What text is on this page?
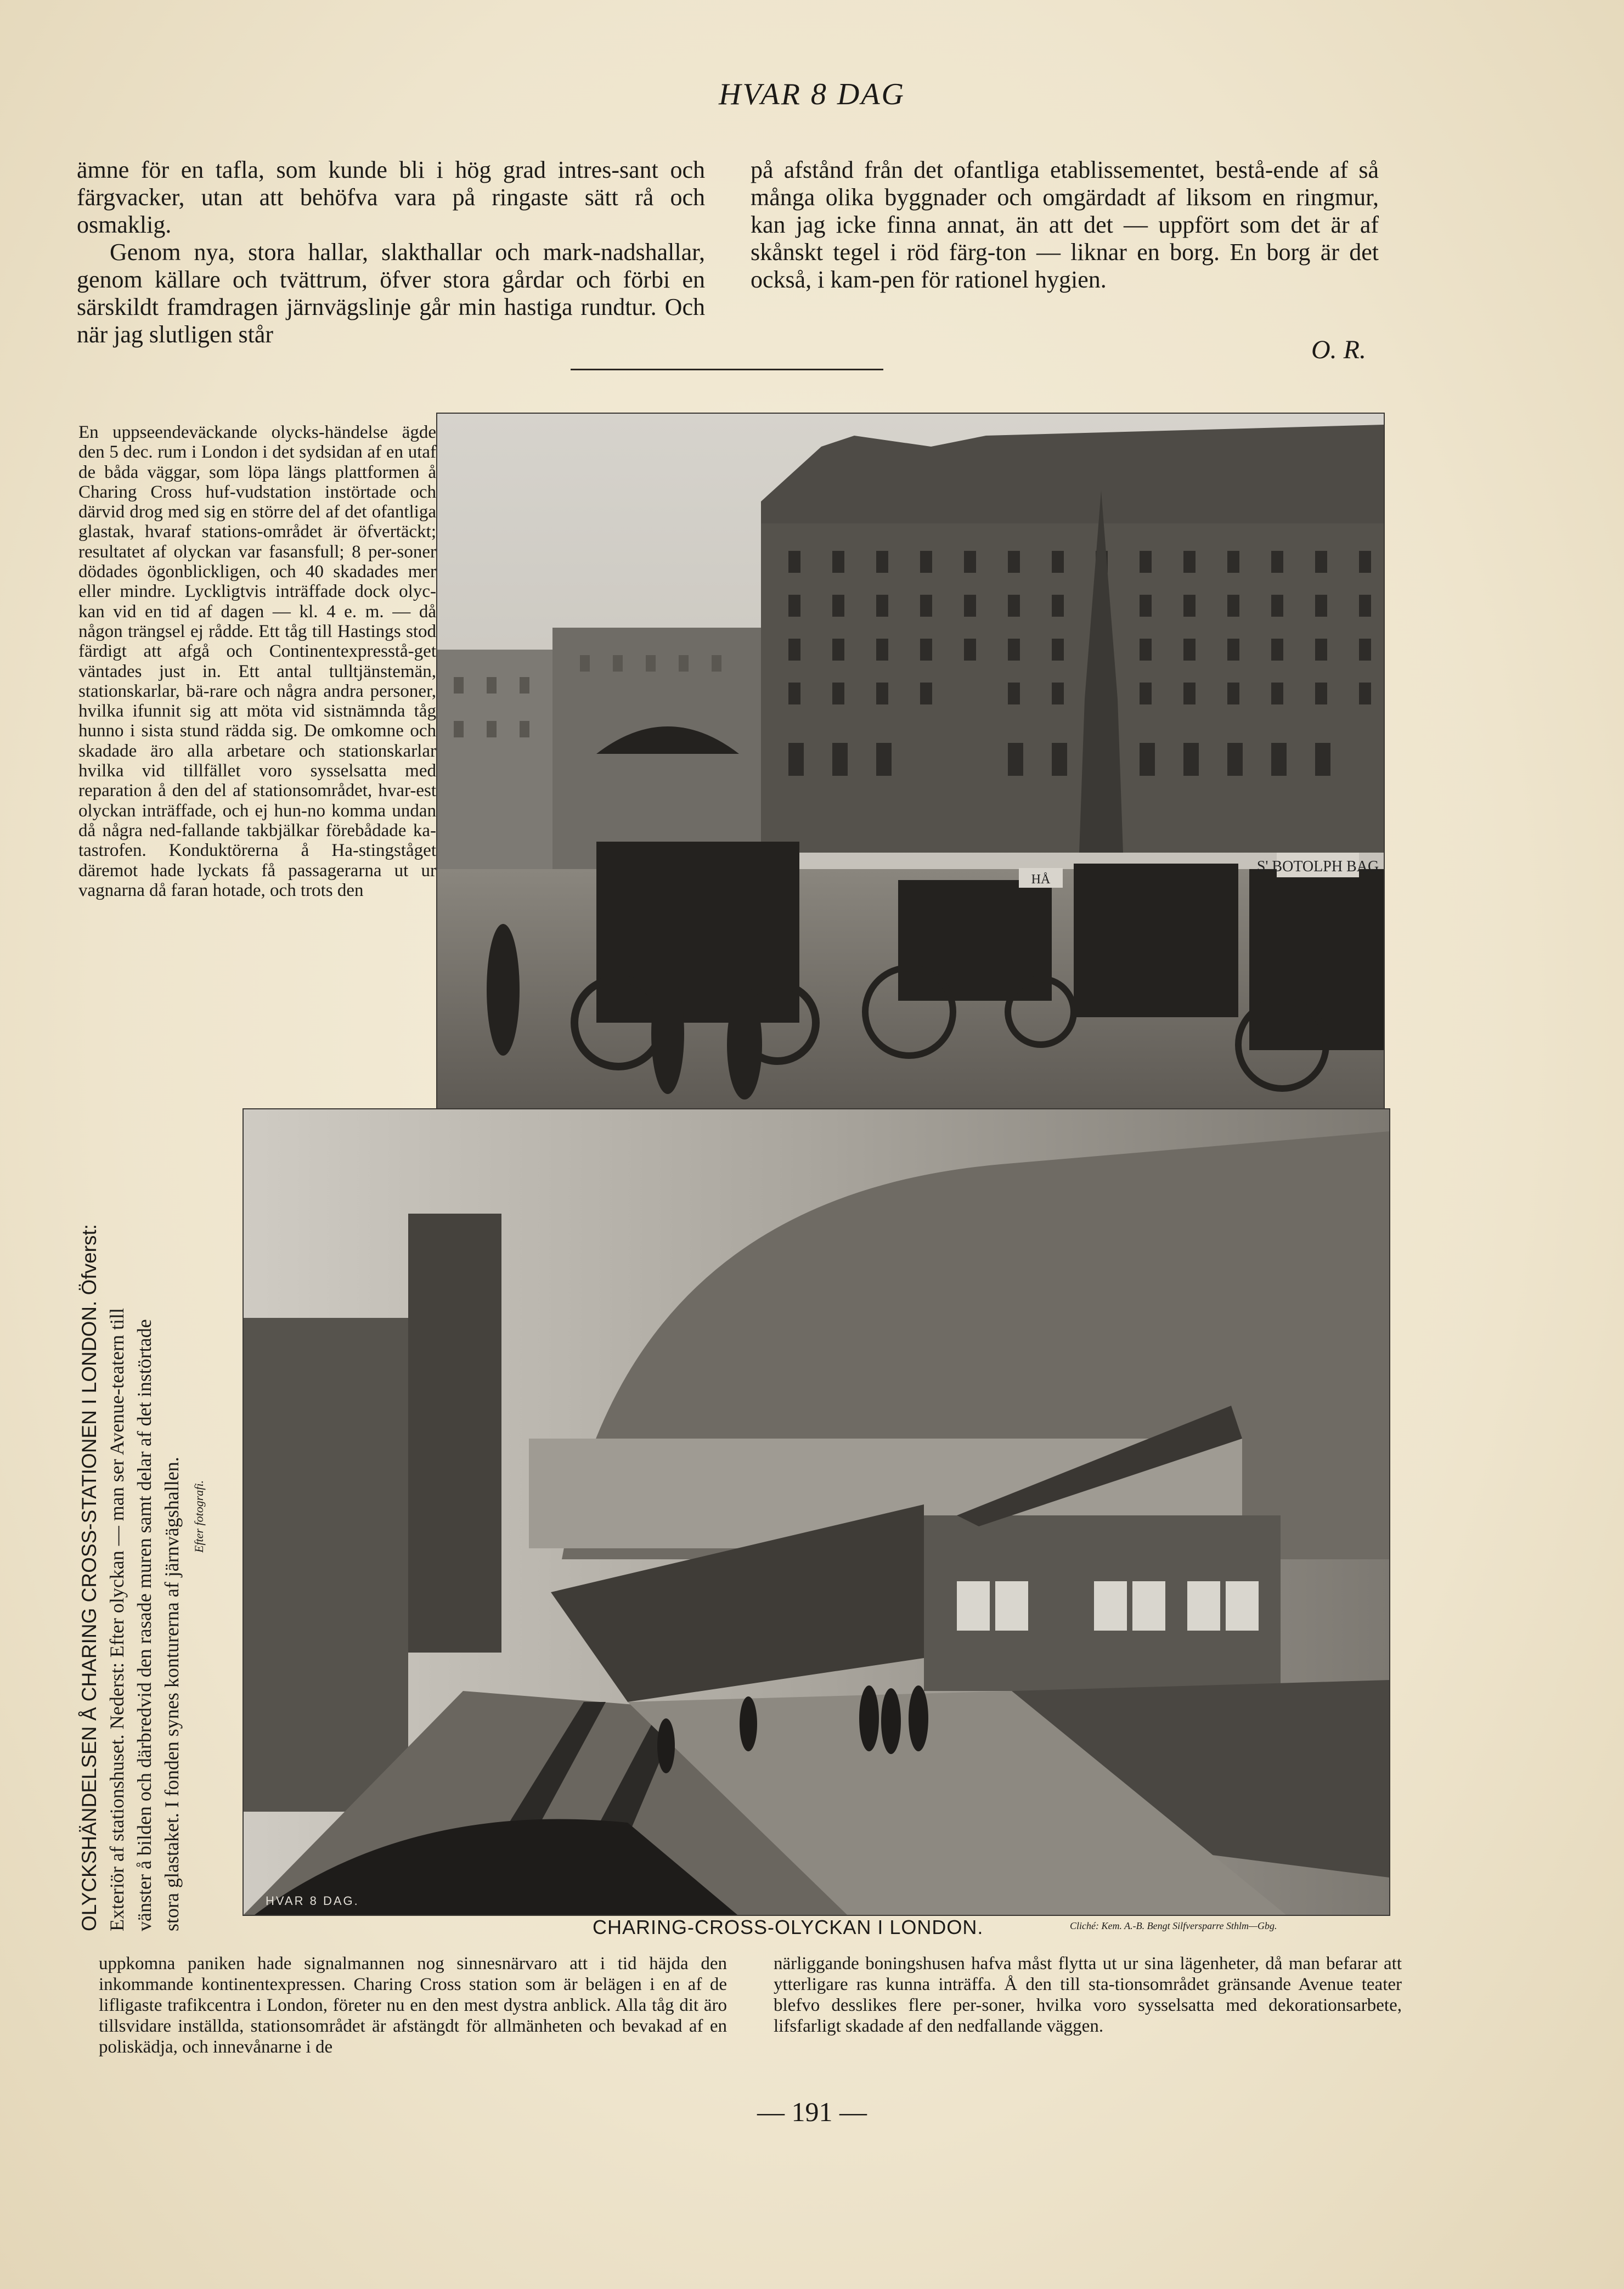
HVAR 8 DAG

ämne för en tafla, som kunde bli i hög grad intres-sant och färgvacker, utan att behöfva vara på ringaste sätt rå och osmaklig.

Genom nya, stora hallar, slakthallar och mark-nadshallar, genom källare och tvättrum, öfver stora gårdar och förbi en särskildt framdragen järnvägslinje går min hastiga rundtur. Och när jag slutligen står

på afstånd från det ofantliga etablissementet, bestå-ende af så många olika byggnader och omgärdadt af liksom en ringmur, kan jag icke finna annat, än att det — uppfört som det är af skånskt tegel i röd färg-ton — liknar en borg. En borg är det också, i kam-pen för rationel hygien.

O. R.

En uppseendeväckande olycks-händelse ägde den 5 dec. rum i London i det sydsidan af en utaf de båda väggar, som löpa längs plattformen å Charing Cross huf-vudstation instörtade och därvid drog med sig en större del af det ofantliga glastak, hvaraf stations-området är öfvertäckt; resultatet af olyckan var fasansfull; 8 per-soner dödades ögonblickligen, och 40 skadades mer eller mindre. Lyckligtvis inträffade dock olyc-kan vid en tid af dagen — kl. 4 e. m. — då någon trängsel ej rådde. Ett tåg till Hastings stod färdigt att afgå och Continentexpresstå-get väntades just in. Ett antal tulltjänstemän, stationskarlar, bä-rare och några andra personer, hvilka ifunnit sig att möta vid sistnämnda tåg hunno i sista stund rädda sig. De omkomne och skadade äro alla arbetare och stationskarlar hvilka vid tillfället voro sysselsatta med reparation å den del af stationsområdet, hvar-est olyckan inträffade, och ej hun-no komma undan då några ned-fallande takbjälkar förebådade ka-tastrofen. Konduktörerna å Ha-stingståget däremot hade lyckats få passagerarna ut ur vagnarna då faran hotade, och trots den

S' BOTOLPH BAG
HÅ
OLYCKSHÄNDELSEN Å CHARING CROSS-STATIONEN I LONDON. Öfverst: Exteriör af stationshuset. Nederst: Efter olyckan — man ser Avenue-teatern till vänster å bilden och därbredvid den rasade muren samt delar af det instörtade stora glastaket. I fonden synes konturerna af järnvägshallen. Efter fotografi.
HVAR 8 DAG.
CHARING-CROSS-OLYCKAN I LONDON.	Cliché: Kem. A.-B. Bengt Silfversparre Sthlm—Gbg.

uppkomna paniken hade signalmannen nog sinnesnärvaro att i tid häjda den inkommande kontinentexpressen. Charing Cross station som är belägen i en af de lifligaste trafikcentra i London, företer nu en den mest dystra anblick. Alla tåg dit äro tillsvidare inställda, stationsområdet är afstängdt för allmänheten och bevakad af en poliskädja, och innevånarne i de

närliggande boningshusen hafva måst flytta ut ur sina lägenheter, då man befarar att ytterligare ras kunna inträffa. Å den till sta-tionsområdet gränsande Avenue teater blefvo desslikes flere per-soner, hvilka voro sysselsatta med dekorationsarbete, lifsfarligt skadade af den nedfallande väggen.

— 191 —
